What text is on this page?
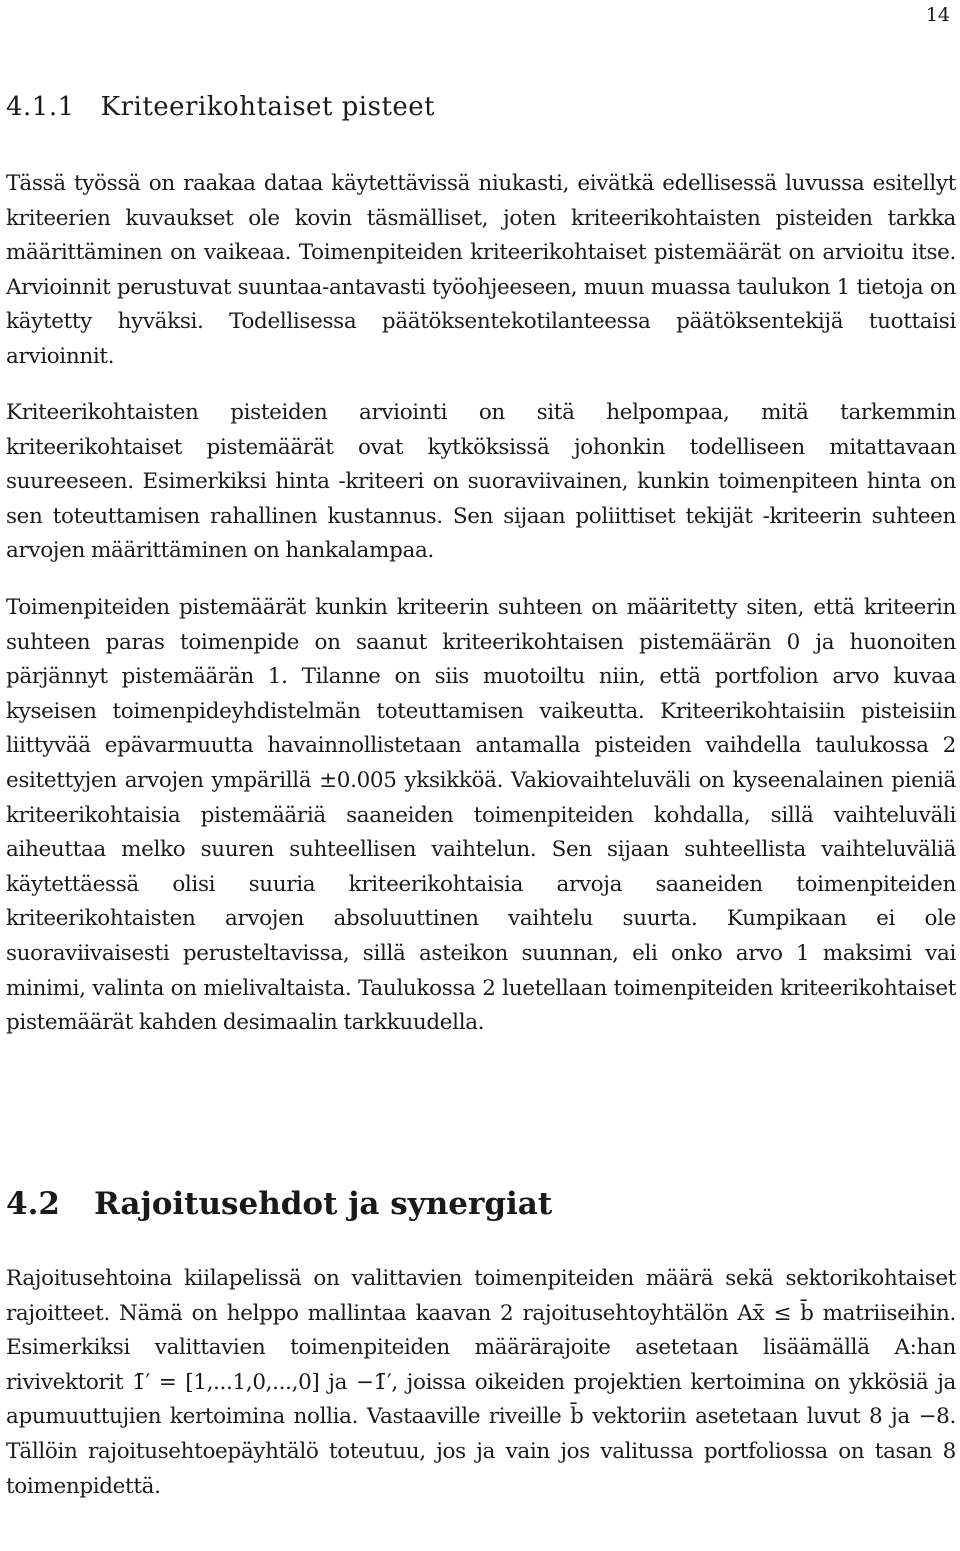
14
4.1.1 Kriteerikohtaiset pisteet

Tässä työssä on raakaa dataa käytettävissä niukasti, eivätkä edellisessä luvussa esitellyt kriteerien kuvaukset ole kovin täsmälliset, joten kriteerikohtaisten pisteiden tarkka määrittäminen on vaikeaa. Toimenpiteiden kriteerikohtaiset pistemäärät on arvioitu itse. Arvioinnit perustuvat suuntaa-antavasti työohjeeseen, muun muassa taulukon 1 tietoja on käytetty hyväksi. Todellisessa päätöksentekotilanteessa päätöksentekijä tuottaisi arvioinnit.

Kriteerikohtaisten pisteiden arviointi on sitä helpompaa, mitä tarkemmin kriteerikohtaiset pistemäärät ovat kytköksissä johonkin todelliseen mitattavaan suureeseen. Esimerkiksi hinta -kriteeri on suoraviivainen, kunkin toimenpiteen hinta on sen toteuttamisen rahallinen kustannus. Sen sijaan poliittiset tekijät -kriteerin suhteen arvojen määrittäminen on hankalampaa.

Toimenpiteiden pistemäärät kunkin kriteerin suhteen on määritetty siten, että kriteerin suhteen paras toimenpide on saanut kriteerikohtaisen pistemäärän 0 ja huonoiten pärjännyt pistemäärän 1. Tilanne on siis muotoiltu niin, että portfolion arvo kuvaa kyseisen toimenpideyhdistelmän toteuttamisen vaikeutta. Kriteerikohtaisiin pisteisiin liittyvää epävarmuutta havainnollistetaan antamalla pisteiden vaihdella taulukossa 2 esitettyjen arvojen ympärillä ±0.005 yksikköä. Vakiovaihteluväli on kyseenalainen pieniä kriteerikohtaisia pistemääriä saaneiden toimenpiteiden kohdalla, sillä vaihteluväli aiheuttaa melko suuren suhteellisen vaihtelun. Sen sijaan suhteellista vaihteluväliä käytettäessä olisi suuria kriteerikohtaisia arvoja saaneiden toimenpiteiden kriteerikohtaisten arvojen absoluuttinen vaihtelu suurta. Kumpikaan ei ole suoraviivaisesti perusteltavissa, sillä asteikon suunnan, eli onko arvo 1 maksimi vai minimi, valinta on mielivaltaista. Taulukossa 2 luetellaan toimenpiteiden kriteerikohtaiset pistemäärät kahden desimaalin tarkkuudella.

4.2 Rajoitusehdot ja synergiat

Rajoitusehtoina kiilapelissä on valittavien toimenpiteiden määrä sekä sektorikohtaiset rajoitteet. Nämä on helppo mallintaa kaavan 2 rajoitusehtoyhtälön Ax̄ ≤ b̄ matriiseihin. Esimerkiksi valittavien toimenpiteiden määrärajoite asetetaan lisäämällä A:han rivivektorit 1̄′ = [1,...1,0,...,0] ja −1̄′, joissa oikeiden projektien kertoimina on ykkösiä ja apumuuttujien kertoimina nollia. Vastaaville riveille b̄ vektoriin asetetaan luvut 8 ja −8. Tällöin rajoitusehtoepäyhtälö toteutuu, jos ja vain jos valitussa portfoliossa on tasan 8 toimenpidettä.
